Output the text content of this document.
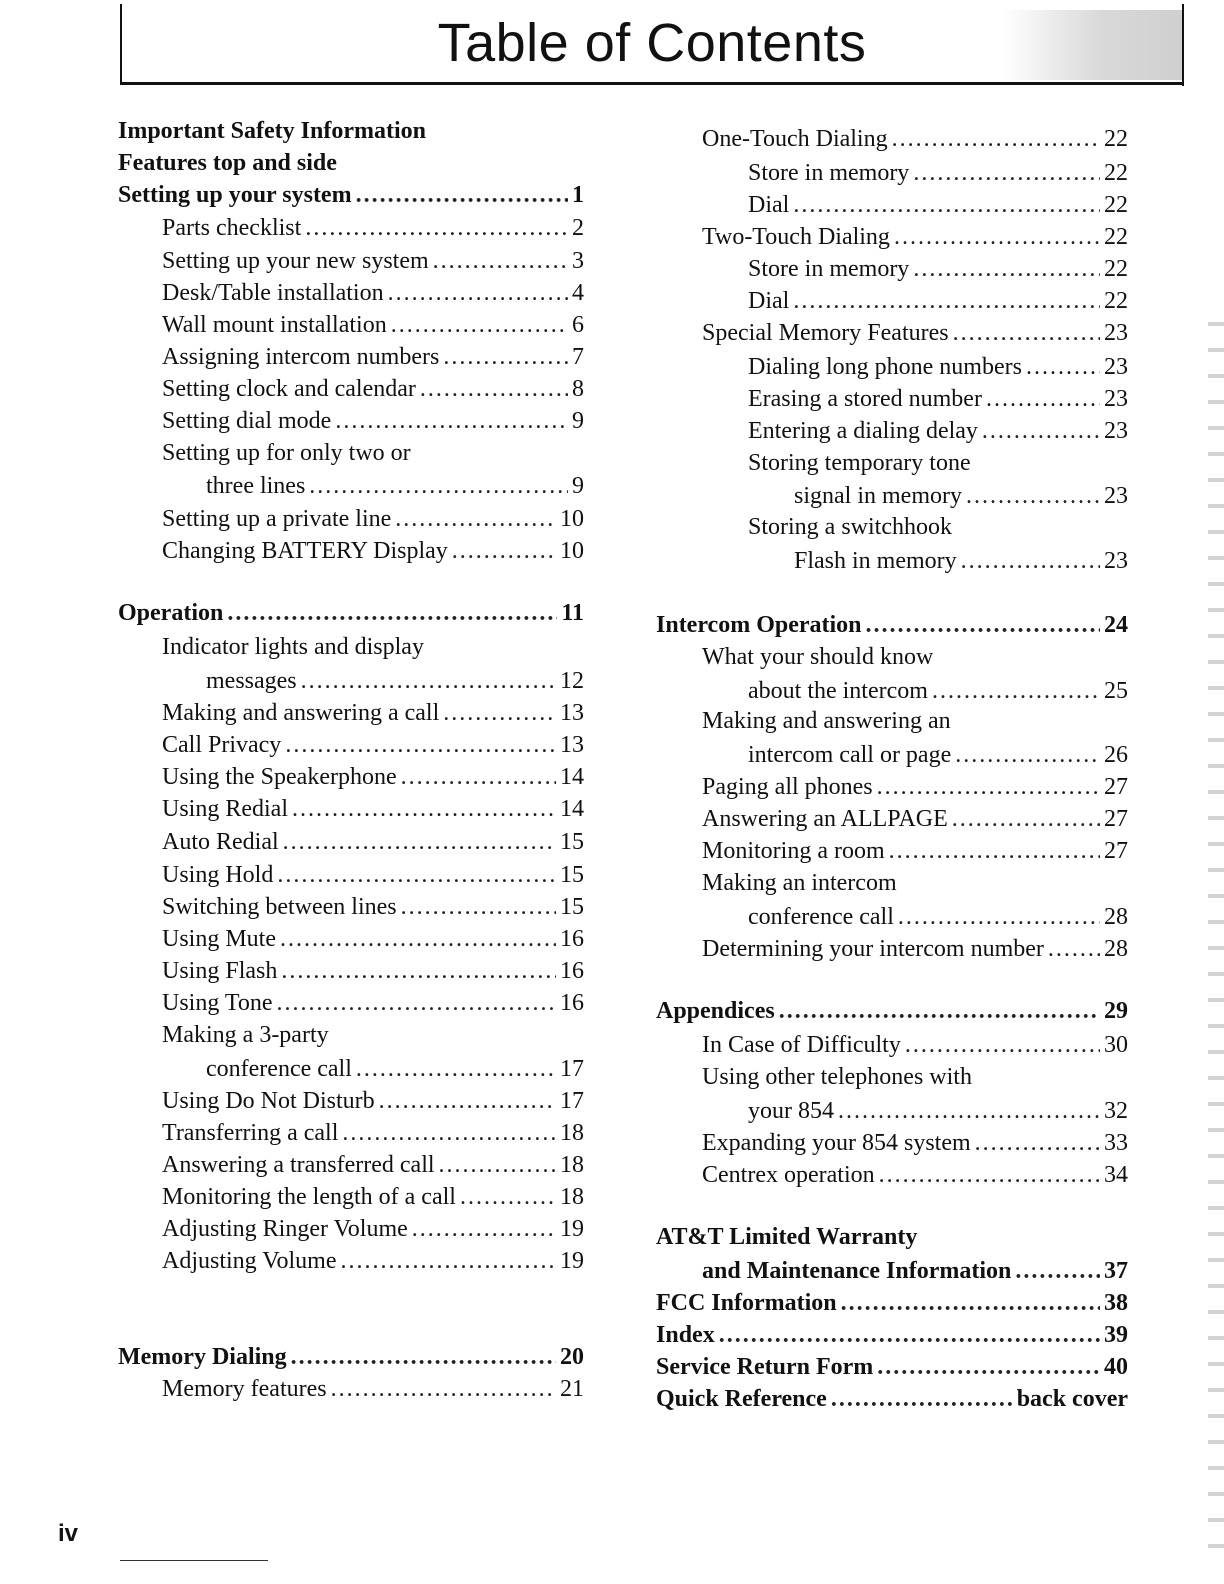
Table of Contents
Important Safety Information
Features top and side
Setting up your system .....	1
Parts checklist .....	2
Setting up your new system .....	3
Desk/Table installation .....	4
Wall mount installation .....	6
Assigning intercom numbers .....	7
Setting clock and calendar .....	8
Setting dial mode .....	9
Setting up for only two or
three lines .....	9
Setting up a private line .....	10
Changing BATTERY Display .....	10
Operation .....	11
Indicator lights and display
messages .....	12
Making and answering a call .....	13
Call Privacy .....	13
Using the Speakerphone .....	14
Using Redial .....	14
Auto Redial .....	15
Using Hold .....	15
Switching between lines .....	15
Using Mute .....	16
Using Flash .....	16
Using Tone .....	16
Making a 3-party
conference call .....	17
Using Do Not Disturb .....	17
Transferring a call .....	18
Answering a transferred call .....	18
Monitoring the length of a call .....	18
Adjusting Ringer Volume .....	19
Adjusting Volume .....	19
Memory Dialing .....	20
Memory features .....	21
One-Touch Dialing .....	22
Store in memory .....	22
Dial .....	22
Two-Touch Dialing .....	22
Store in memory .....	22
Dial .....	22
Special Memory Features .....	23
Dialing long phone numbers .....	23
Erasing a stored number .....	23
Entering a dialing delay .....	23
Storing temporary tone
signal in memory .....	23
Storing a switchhook
Flash in memory .....	23
Intercom Operation .....	24
What your should know
about the intercom .....	25
Making and answering an
intercom call or page .....	26
Paging all phones .....	27
Answering an ALLPAGE .....	27
Monitoring a room .....	27
Making an intercom
conference call .....	28
Determining your intercom number .....	28
Appendices .....	29
In Case of Difficulty .....	30
Using other telephones with
your 854 .....	32
Expanding your 854 system .....	33
Centrex operation .....	34
AT&T Limited Warranty
and Maintenance Information .....	37
FCC Information .....	38
Index .....	39
Service Return Form .....	40
Quick Reference .....	back cover
iv
